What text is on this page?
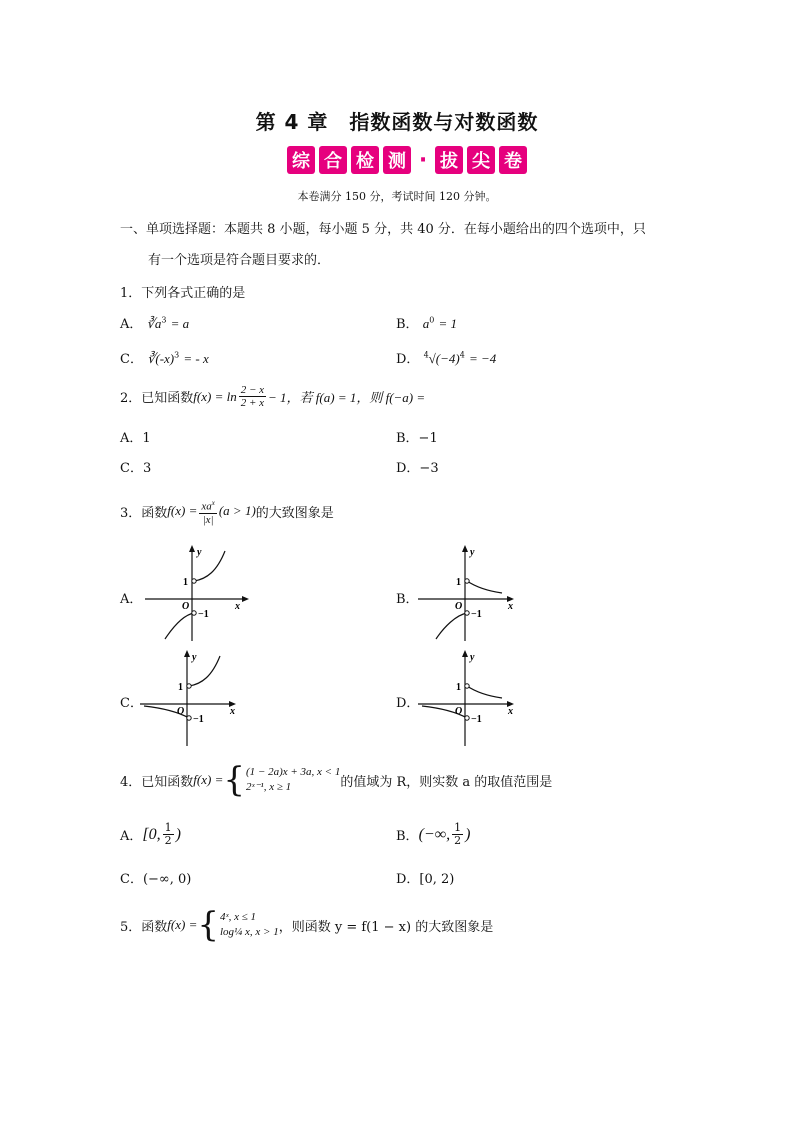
第 4 章　指数函数与对数函数
综 合 检 测 · 拔 尖 卷
本卷满分 150 分，考试时间 120 分钟。
一、单项选择题：本题共 8 小题，每小题 5 分，共 40 分．在每小题给出的四个选项中，只
有一个选项是符合题目要求的．
1．下列各式正确的是
A． $∛a^3 = a$	B． $a^0 = 1$
C． $∛(-x)^3$ = - x	D． $^4√(-4)^4 = -4$
2．已知函数 $f(x) = \ln \frac{2 - x}{2 + x} - 1$，若 f(a) = 1，则 f(−a) =
A．1	B．−1
C．3	D．−3
3．函数 $f(x) = \frac{xa^x}{|x|} (a > 1)$ 的大致图象是
A．	B．
C．	D．
y
x
O
1
−1
y
x
O
1
−1
y
x
O
1
−1
y
x
O
1
−1
4．已知函数 f(x) = { (1 − 2a)x + 3a, x < 1
2ˣ⁻¹, x ≥ 1	的值域为 R，则实数 a 的取值范围是
A． [0, $\frac{1}{2}$ )	B． (−∞, $\frac{1}{2}$ )
C．(−∞, 0)	D．[0, 2)
5．函数 f(x) = { 4ˣ, x ≤ 1
log¼ x, x > 1 ，则函数 y = f(1 − x) 的大致图象是
